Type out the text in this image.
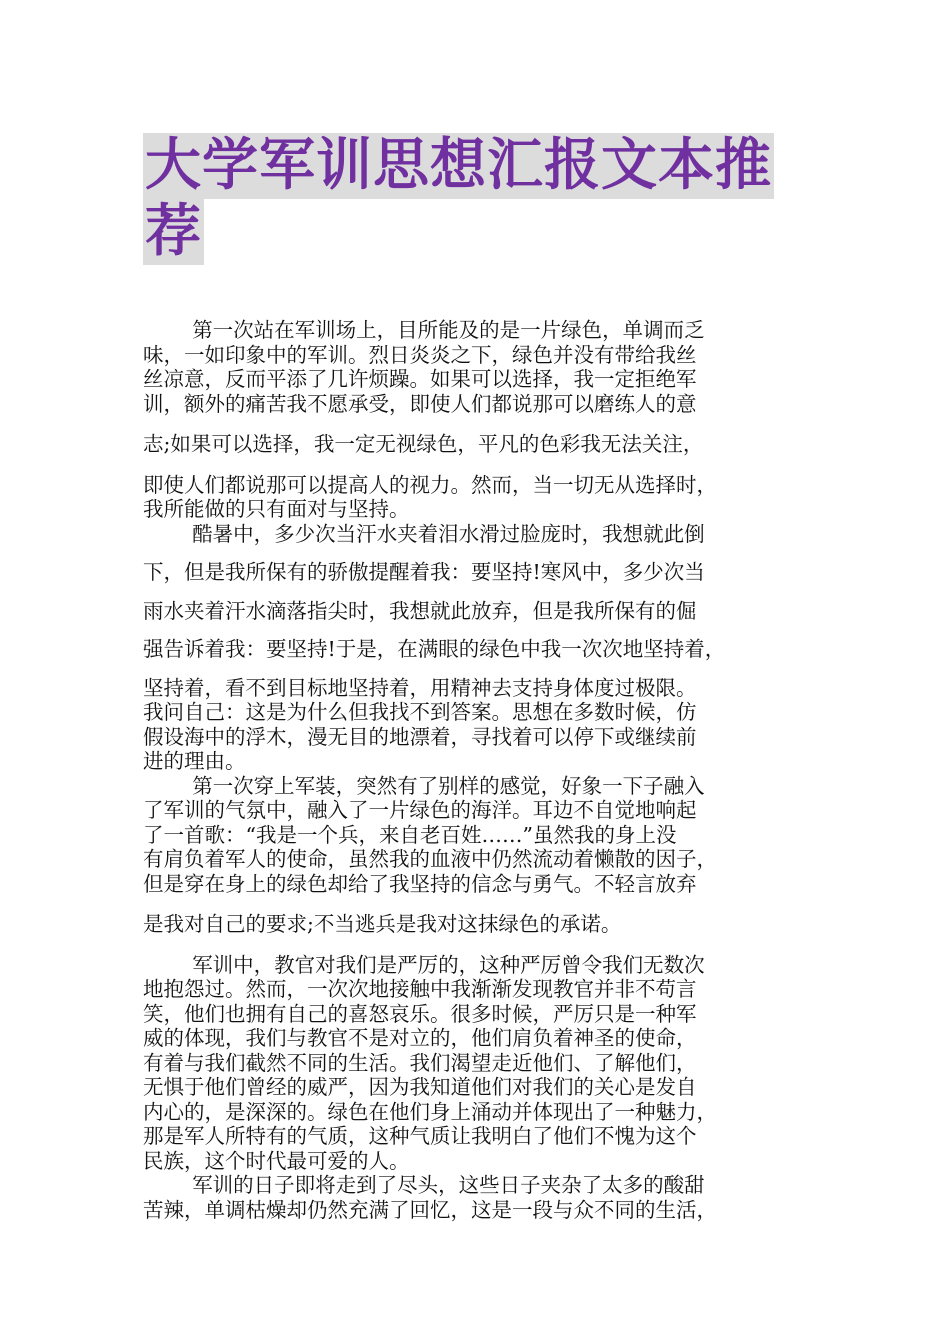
大学军训思想汇报文本推
荐

第一次站在军训场上，目所能及的是一片绿色，单调而乏
味，一如印象中的军训。烈日炎炎之下，绿色并没有带给我丝
丝凉意，反而平添了几许烦躁。如果可以选择，我一定拒绝军
训，额外的痛苦我不愿承受，即使人们都说那可以磨练人的意
志;如果可以选择，我一定无视绿色，平凡的色彩我无法关注，
即使人们都说那可以提高人的视力。然而，当一切无从选择时，
我所能做的只有面对与坚持。

酷暑中，多少次当汗水夹着泪水滑过脸庞时，我想就此倒
下，但是我所保有的骄傲提醒着我：要坚持!寒风中，多少次当
雨水夹着汗水滴落指尖时，我想就此放弃，但是我所保有的倔
强告诉着我：要坚持!于是，在满眼的绿色中我一次次地坚持着，
坚持着，看不到目标地坚持着，用精神去支持身体度过极限。
我问自己：这是为什么但我找不到答案。思想在多数时候，仿
假设海中的浮木，漫无目的地漂着，寻找着可以停下或继续前
进的理由。

第一次穿上军装，突然有了别样的感觉，好象一下子融入
了军训的气氛中，融入了一片绿色的海洋。耳边不自觉地响起
了一首歌：“我是一个兵，来自老百姓……”虽然我的身上没
有肩负着军人的使命，虽然我的血液中仍然流动着懒散的因子，
但是穿在身上的绿色却给了我坚持的信念与勇气。不轻言放弃
是我对自己的要求;不当逃兵是我对这抹绿色的承诺。

军训中，教官对我们是严厉的，这种严厉曾令我们无数次
地抱怨过。然而，一次次地接触中我渐渐发现教官并非不苟言
笑，他们也拥有自己的喜怒哀乐。很多时候，严厉只是一种军
威的体现，我们与教官不是对立的，他们肩负着神圣的使命，
有着与我们截然不同的生活。我们渴望走近他们、了解他们，
无惧于他们曾经的威严，因为我知道他们对我们的关心是发自
内心的，是深深的。绿色在他们身上涌动并体现出了一种魅力，
那是军人所特有的气质，这种气质让我明白了他们不愧为这个
民族，这个时代最可爱的人。

军训的日子即将走到了尽头，这些日子夹杂了太多的酸甜
苦辣，单调枯燥却仍然充满了回忆，这是一段与众不同的生活，
